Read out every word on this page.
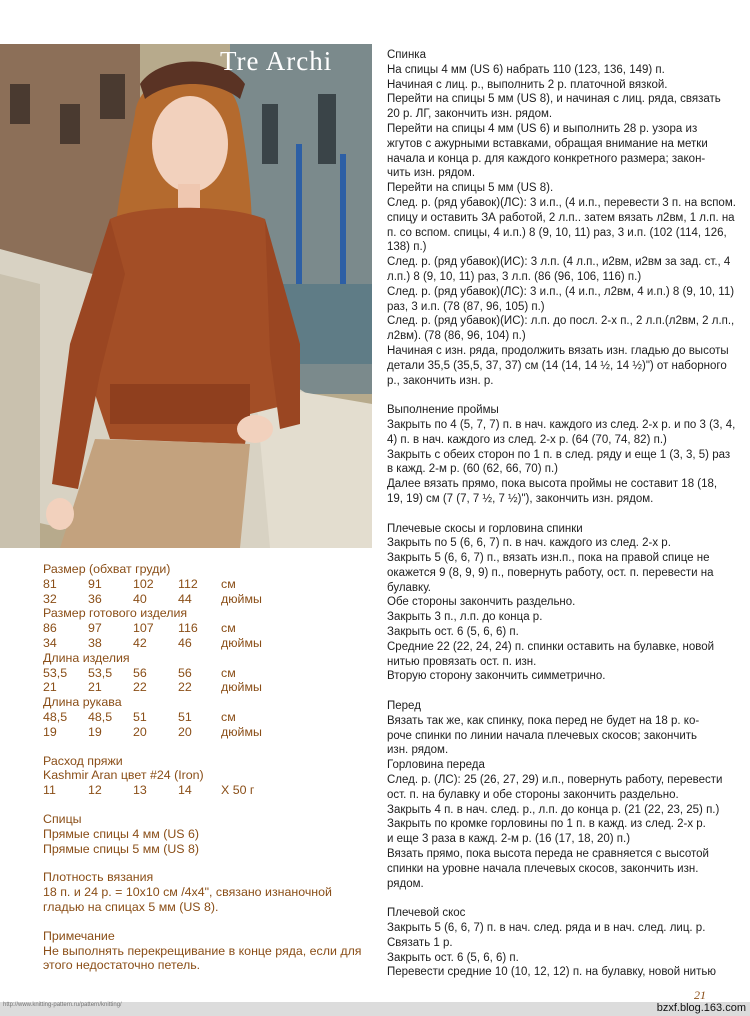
Tre Archi
Размер (обхват груди)
81	91	102	112	см
32	36	40	44	дюймы
Размер готового изделия
86	97	107	116	см
34	38	42	46	дюймы
Длина изделия
53,5	53,5	56	56	см
21	21	22	22	дюймы
Длина рукава
48,5	48,5	51	51	см
19	19	20	20	дюймы
Расход пряжи
Kashmir Aran цвет #24 (Iron)
11	12	13	14	X 50 г
Спицы
Прямые спицы 4 мм (US 6)
Прямые спицы 5 мм (US 8)
Плотность вязания
18 п. и 24 р. = 10x10 см /4x4", связано изнаночной
гладью на спицах 5 мм (US 8).
Примечание
Не выполнять перекрещивание в конце ряда, если для
этого недостаточно петель.

Спинка

На спицы 4 мм (US 6) набрать 110 (123, 136, 149) п.

Начиная с лиц. р., выполнить 2 р. платочной вязкой.

Перейти на спицы 5 мм (US 8), и начиная с лиц. ряда, связать

20 р. ЛГ, закончить изн. рядом.

Перейти на спицы 4 мм (US 6) и выполнить 28 р. узора из

жгутов с ажурными вставками, обращая внимание на метки

начала и конца р. для каждого конкретного размера; закон-

чить изн. рядом.

Перейти на спицы 5 мм (US 8).

След. р. (ряд убавок)(ЛС): 3 и.п., (4 и.п., перевести 3 п. на вспом.

спицу и оставить ЗА работой, 2 л.п.. затем вязать л2вм, 1 л.п. на

п. со вспом. спицы, 4 и.п.) 8 (9, 10, 11) раз, 3 и.п. (102 (114, 126,

138) п.)

След. р. (ряд убавок)(ИС): 3 л.п. (4 л.п., и2вм, и2вм за зад. ст., 4

л.п.) 8 (9, 10, 11) раз, 3 л.п. (86 (96, 106, 116) п.)

След. р. (ряд убавок)(ЛС): 3 и.п., (4 и.п., л2вм, 4 и.п.) 8 (9, 10, 11)

раз, 3 и.п. (78 (87, 96, 105) п.)

След. р. (ряд убавок)(ИС): л.п. до посл. 2-х п., 2 л.п.(л2вм, 2 л.п.,

л2вм). (78 (86, 96, 104) п.)

Начиная с изн. ряда, продолжить вязать изн. гладью до высоты

детали 35,5 (35,5, 37, 37) см (14 (14, 14 ½, 14 ½)") от наборного

р., закончить изн. р.

Выполнение проймы

Закрыть по 4 (5, 7, 7) п. в нач. каждого из след. 2-х р. и по 3 (3, 4,

4) п. в нач. каждого из след. 2-х р. (64 (70, 74, 82) п.)

Закрыть с обеих сторон по 1 п. в след. ряду и еще 1 (3, 3, 5) раз

в кажд. 2-м р. (60 (62, 66, 70) п.)

Далее вязать прямо, пока высота проймы не составит 18 (18,

19, 19) см (7 (7, 7 ½, 7 ½)"), закончить изн. рядом.

Плечевые скосы и горловина спинки

Закрыть по 5 (6, 6, 7) п. в нач. каждого из след. 2-х р.

Закрыть 5 (6, 6, 7) п., вязать изн.п., пока на правой спице не

окажется 9 (8, 9, 9) п., повернуть работу, ост. п. перевести на

булавку.

Обе стороны закончить раздельно.

Закрыть 3 п., л.п. до конца р.

Закрыть ост. 6 (5, 6, 6) п.

Средние 22 (22, 24, 24) п. спинки оставить на булавке, новой

нитью провязать ост. п. изн.

Вторую сторону закончить симметрично.

Перед

Вязать так же, как спинку, пока перед не будет на 18 р. ко-

роче спинки по линии начала плечевых скосов; закончить

изн. рядом.

Горловина переда

След. р. (ЛС): 25 (26, 27, 29) и.п., повернуть работу, перевести

ост. п. на булавку и обе стороны закончить раздельно.

Закрыть 4 п. в нач. след. р., л.п. до конца р. (21 (22, 23, 25) п.)

Закрыть по кромке горловины по 1 п. в кажд. из след. 2-х р.

и еще 3 раза в кажд. 2-м р. (16 (17, 18, 20) п.)

Вязать прямо, пока высота переда не сравняется с высотой

спинки на уровне начала плечевых скосов, закончить изн.

рядом.

Плечевой скос

Закрыть 5 (6, 6, 7) п. в нач. след. ряда и в нач. след. лиц. р.

Связать 1 р.

Закрыть ост. 6 (5, 6, 6) п.

Перевести средние 10 (10, 12, 12) п. на булавку, новой нитью

21
http://www.knitting-pattern.ru/pattern/knitting/	bzxf.blog.163.com
